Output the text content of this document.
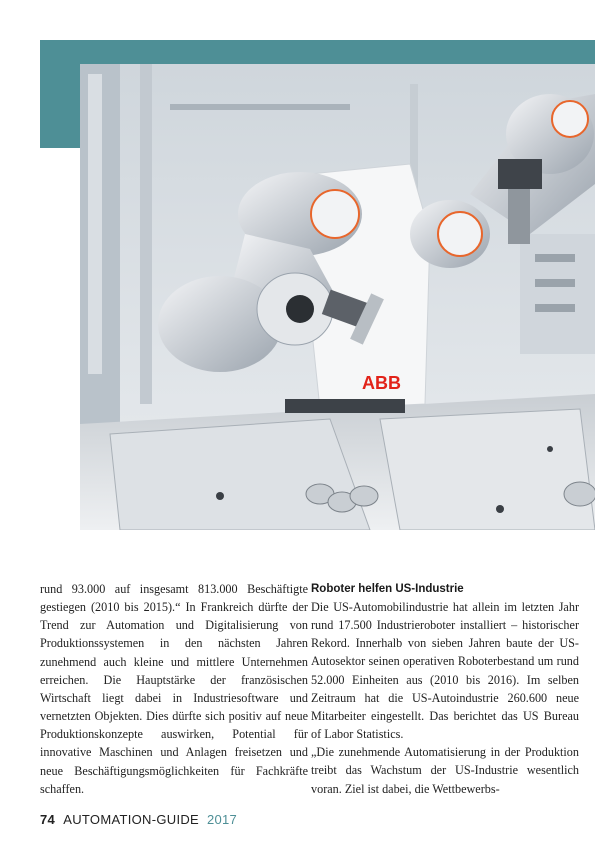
ABB

rund 93.000 auf insgesamt 813.000 Beschäftigte gestiegen (2010 bis 2015).“ In Frankreich dürfte der Trend zur Automation und Digitalisierung von Produktionssystemen in den nächsten Jahren zunehmend auch kleine und mittlere Unternehmen erreichen. Die Hauptstärke der französischen Wirtschaft liegt dabei in Industriesoftware und vernetzten Objekten. Dies dürfte sich positiv auf neue Produktionskonzepte auswirken, Potential für innovative Maschinen und Anlagen freisetzen und neue Beschäftigungsmöglichkeiten für Fachkräfte schaffen.

Roboter helfen US-Industrie

Die US-Automobilindustrie hat allein im letzten Jahr rund 17.500 Industrieroboter installiert – historischer Rekord. Innerhalb von sieben Jahren baute der US-Autosektor seinen operativen Roboterbestand um rund 52.000 Einheiten aus (2010 bis 2016). Im selben Zeitraum hat die US-Autoindustrie 260.600 neue Mitarbeiter eingestellt. Das berichtet das US Bureau of Labor Statistics.

„Die zunehmende Automatisierung in der Produktion treibt das Wachstum der US-Industrie wesentlich voran. Ziel ist dabei, die Wettbewerbs-

74 AUTOMATION-GUIDE 2017
